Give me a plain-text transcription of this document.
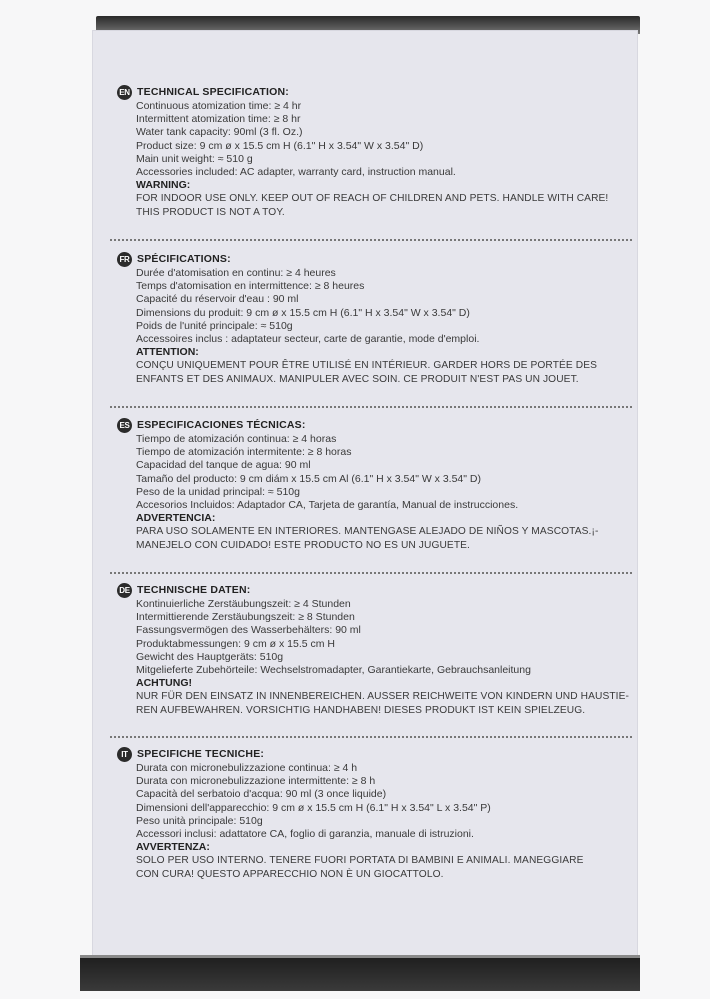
EN TECHNICAL SPECIFICATION:
Continuous atomization time: ≥ 4 hr
Intermittent atomization time: ≥ 8 hr
Water tank capacity: 90ml (3 fl. Oz.)
Product size: 9 cm ø x 15.5 cm H (6.1" H x 3.54" W x 3.54" D)
Main unit weight: ≈ 510 g
Accessories included: AC adapter, warranty card, instruction manual.
WARNING:
FOR INDOOR USE ONLY. KEEP OUT OF REACH OF CHILDREN AND PETS. HANDLE WITH CARE!
THIS PRODUCT IS NOT A TOY.
FR SPÉCIFICATIONS:
Durée d'atomisation en continu: ≥ 4 heures
Temps d'atomisation en intermittence: ≥ 8 heures
Capacité du réservoir d'eau : 90 ml
Dimensions du produit: 9 cm ø x 15.5 cm H (6.1" H x 3.54" W x 3.54" D)
Poids de l'unité principale: ≈ 510g
Accessoires inclus : adaptateur secteur, carte de garantie, mode d'emploi.
ATTENTION:
CONÇU UNIQUEMENT POUR ÊTRE UTILISÉ EN INTÉRIEUR. GARDER HORS DE PORTÉE DES
ENFANTS ET DES ANIMAUX. MANIPULER AVEC SOIN. CE PRODUIT N'EST PAS UN JOUET.
ES ESPECIFICACIONES TÉCNICAS:
Tiempo de atomización continua: ≥ 4 horas
Tiempo de atomización intermitente: ≥ 8 horas
Capacidad del tanque de agua: 90 ml
Tamaño del producto: 9 cm diám x 15.5 cm Al (6.1" H x 3.54" W x 3.54" D)
Peso de la unidad principal: ≈ 510g
Accesorios Incluidos: Adaptador CA, Tarjeta de garantía, Manual de instrucciones.
ADVERTENCIA:
PARA USO SOLAMENTE EN INTERIORES. MANTENGASE ALEJADO DE NIÑOS Y MASCOTAS.¡-
MANEJELO CON CUIDADO! ESTE PRODUCTO NO ES UN JUGUETE.
DE TECHNISCHE DATEN:
Kontinuierliche Zerstäubungszeit: ≥ 4 Stunden
Intermittierende Zerstäubungszeit: ≥ 8 Stunden
Fassungsvermögen des Wasserbehälters: 90 ml
Produktabmessungen: 9 cm ø x 15.5 cm H
Gewicht des Hauptgeräts: 510g
Mitgelieferte Zubehörteile: Wechselstromadapter, Garantiekarte, Gebrauchsanleitung
ACHTUNG!
NUR FÜR DEN EINSATZ IN INNENBEREICHEN. AUSSER REICHWEITE VON KINDERN UND HAUSTIE-
REN AUFBEWAHREN. VORSICHTIG HANDHABEN! DIESES PRODUKT IST KEIN SPIELZEUG.
IT SPECIFICHE TECNICHE:
Durata con micronebulizzazione continua: ≥ 4 h
Durata con micronebulizzazione intermittente: ≥ 8 h
Capacità del serbatoio d'acqua: 90 ml (3 once liquide)
Dimensioni dell'apparecchio: 9 cm ø x 15.5 cm H (6.1" H x 3.54" L x 3.54" P)
Peso unità principale: 510g
Accessori inclusi: adattatore CA, foglio di garanzia, manuale di istruzioni.
AVVERTENZA:
SOLO PER USO INTERNO. TENERE FUORI PORTATA DI BAMBINI E ANIMALI. MANEGGIARE
CON CURA! QUESTO APPARECCHIO NON È UN GIOCATTOLO.
